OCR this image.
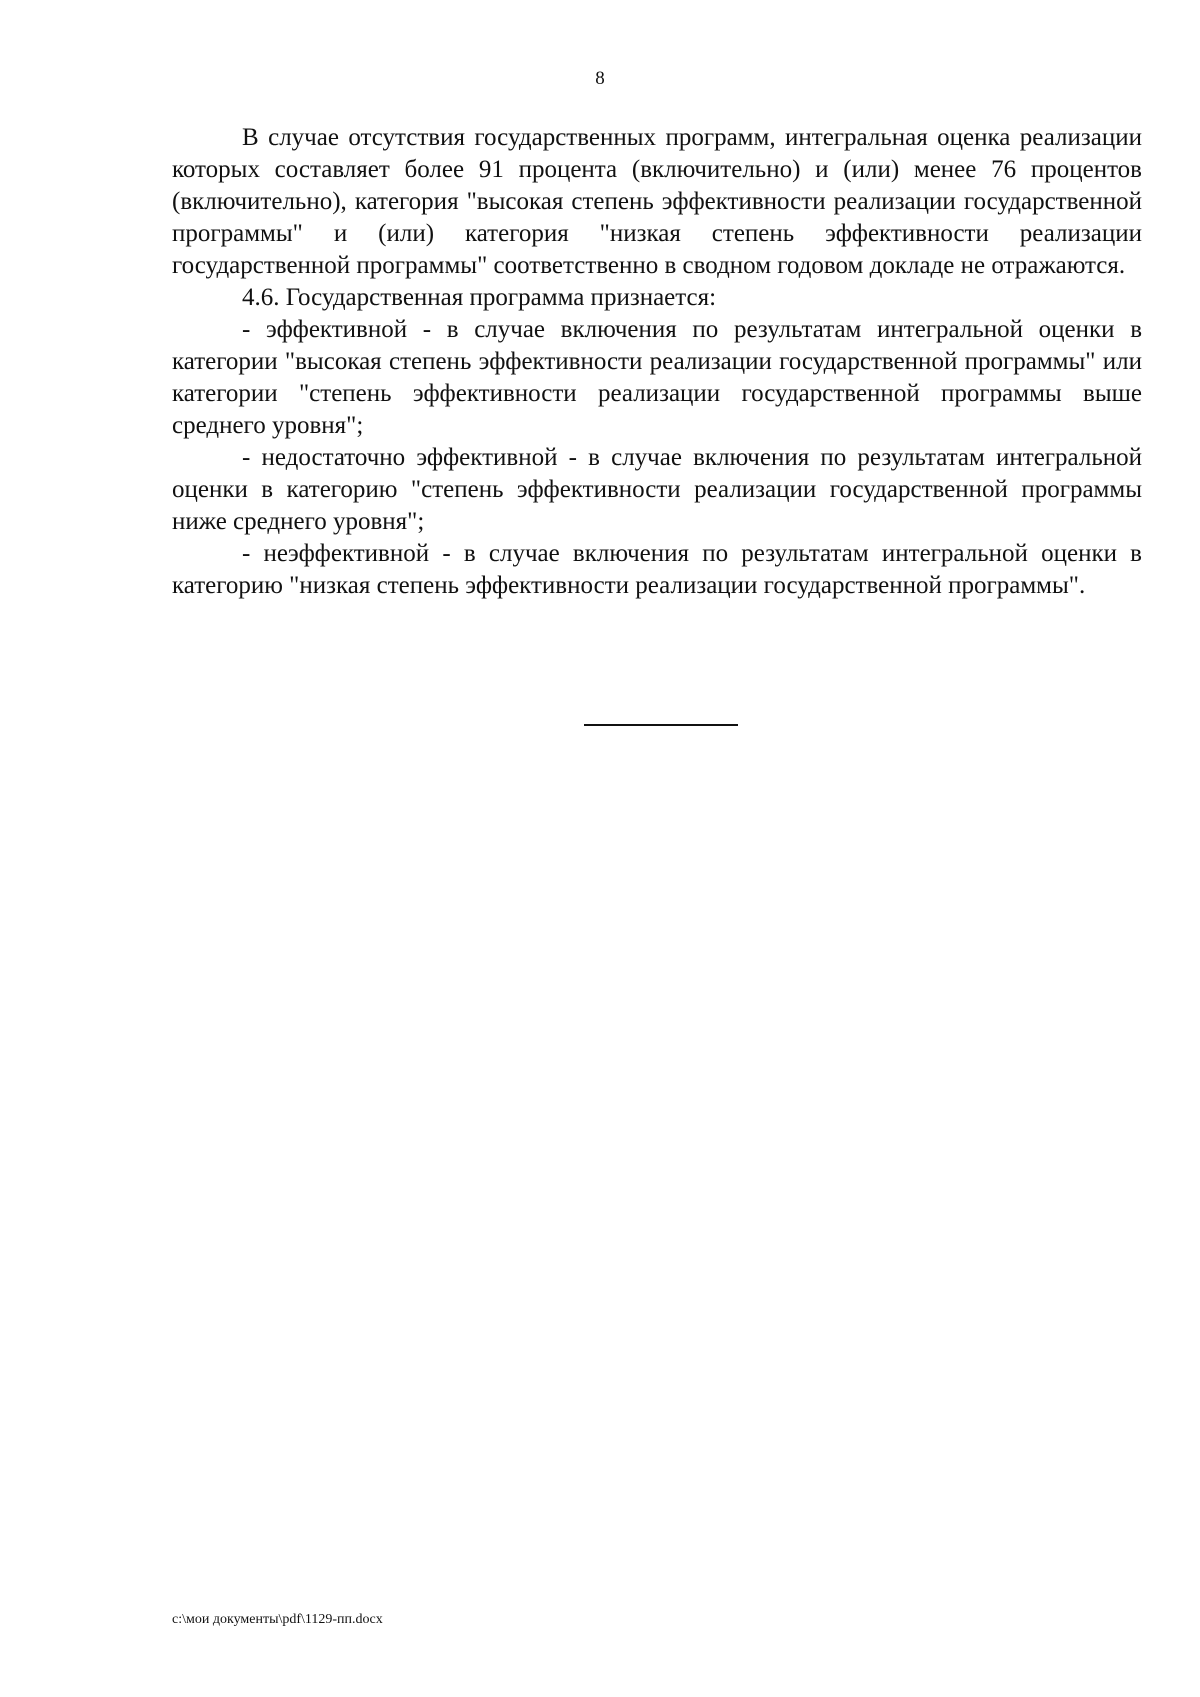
8

В случае отсутствия государственных программ, интегральная оценка реализации которых составляет более 91 процента (включительно) и (или) менее 76 процентов (включительно), категория "высокая степень эффективности реализации государственной программы" и (или) категория "низкая степень эффективности реализации государственной программы" соответственно в сводном годовом докладе не отражаются.

4.6. Государственная программа признается:

- эффективной - в случае включения по результатам интегральной оценки в категории "высокая степень эффективности реализации государственной программы" или категории "степень эффективности реализации государственной программы выше среднего уровня";

- недостаточно эффективной - в случае включения по результатам интегральной оценки в категорию "степень эффективности реализации государственной программы ниже среднего уровня";

- неэффективной - в случае включения по результатам интегральной оценки в категорию "низкая степень эффективности реализации государственной программы".

c:\мои документы\pdf\1129-пп.docx
